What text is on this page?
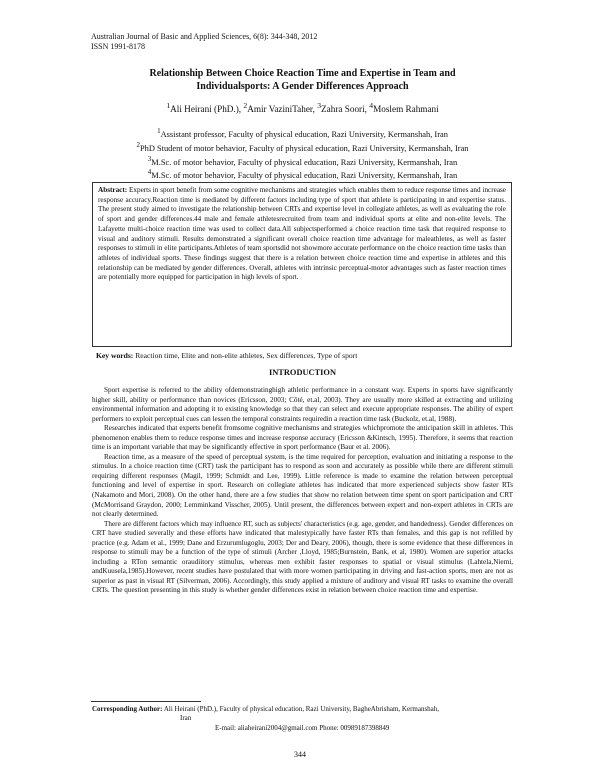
Australian Journal of Basic and Applied Sciences, 6(8): 344-348, 2012
ISSN 1991-8178
Relationship Between Choice Reaction Time and Expertise in Team and
Individualsports: A Gender Differences Approach
$^1$Ali Heirani (PhD.), $^2$Amir VaziniTaher, $^3$Zahra Soori, $^4$Moslem Rahmani
$^1$Assistant professor, Faculty of physical education, Razi University, Kermanshah, Iran
$^2$PhD Student of motor behavior, Faculty of physical education, Razi University, Kermanshah, Iran
$^3$M.Sc. of motor behavior, Faculty of physical education, Razi University, Kermanshah, Iran
$^4$M.Sc. of motor behavior, Faculty of physical education, Razi University, Kermanshah, Iran
Abstract: Experts in sport benefit from some cognitive mechanisms and strategies which enables them to reduce response times and increase response accuracy.Reaction time is mediated by different factors including type of sport that athlete is participating in and expertise status. The present study aimed to investigate the relationship between CRTs and expertise level in collegiate athletes, as well as evaluating the role of sport and gender differences.44 male and female athletesrecruited from team and individual sports at elite and non-elite levels. The Lafayette multi-choice reaction time was used to collect data.All subjectsperformed a choice reaction time task that required response to visual and auditory stimuli. Results demonstrated a significant overall choice reaction time advantage for maleathletes, as well as faster responses to stimuli in elite participants.Athletes of team sportsdid not showmore accurate performance on the choice reaction time tasks than athletes of individual sports. These findings suggest that there is a relation between choice reaction time and expertise in athletes and this relationship can be mediated by gender differences. Overall, athletes with intrinsic perceptual-motor advantages such as faster reaction times are potentially more equipped for participation in high levels of sport.
Key words: Reaction time, Elite and non-elite athletes, Sex differences, Type of sport
INTRODUCTION

Sport expertise is referred to the ability ofdemonstratinghigh athletic performance in a constant way. Experts in sports have significantly higher skill, ability or performance than novices (Ericsson, 2003; Côté, et.al, 2003). They are usually more skilled at extracting and utilizing environmental information and adopting it to existing knowledge so that they can select and execute appropriate responses. The ability of expert performers to exploit perceptual cues can lessen the temporal constraints requiredin a reaction time task (Buckolz, et.al, 1988).

Researches indicated that experts benefit fromsome cognitive mechanisms and strategies whichpromote the anticipation skill in athletes. This phenomenon enables them to reduce response times and increase response accuracy (Ericsson &Kintsch, 1995). Therefore, it seems that reaction time is an important variable that may be significantly effective in sport performance (Baur et al. 2006).

Reaction time, as a measure of the speed of perceptual system, is the time required for perception, evaluation and initiating a response to the stimulus. In a choice reaction time (CRT) task the participant has to respond as soon and accurately as possible while there are different stimuli requiring different responses (Magil, 1999; Schmidt and Lee, 1999). Little reference is made to examine the relation between perceptual functioning and level of expertise in sport. Research on collegiate athletes has indicated that more experienced subjects show faster RTs (Nakamoto and Mori, 2008). On the other hand, there are a few studies that show no relation between time spent on sport participation and CRT (McMorrisand Graydon, 2000; Lemminkand Visscher, 2005). Until present, the differences between expert and non-expert athletes in CRTs are not clearly determined.

There are different factors which may influence RT, such as subjects' characteristics (e.g. age, gender, and handedness). Gender differences on CRT have studied severally and these efforts have indicated that malestypically have faster RTs than females, and this gap is not refilled by practice (e.g. Adam et al., 1999; Dane and Erzurumlugoglu, 2003; Der and Deary, 2006), though, there is some evidence that these differences in response to stimuli may be a function of the type of stimuli (Archer ,Lloyd, 1985;Burnstein, Bank, et al, 1980). Women are superior attacks including a RTon semantic oraudiitory stimulus, whereas men exhibit faster responses to spatial or visual stimulus (Lahtela,Niemi, andKuusela,1985).However, recent studies have postulated that with more women participating in driving and fast-action sports, men are not as superior as past in visual RT (Silverman, 2006). Accordingly, this study applied a mixture of auditory and visual RT tasks to examine the overall CRTs. The question presenting in this study is whether gender differences exist in relation between choice reaction time and expertise.

Corresponding Author: Ali Heirani (PhD.), Faculty of physical education, Razi University, BagheAbrisham, Kermanshah,
Iran
E-mail: aliaheirani2004@gmail.com Phone: 00989187398849
344
